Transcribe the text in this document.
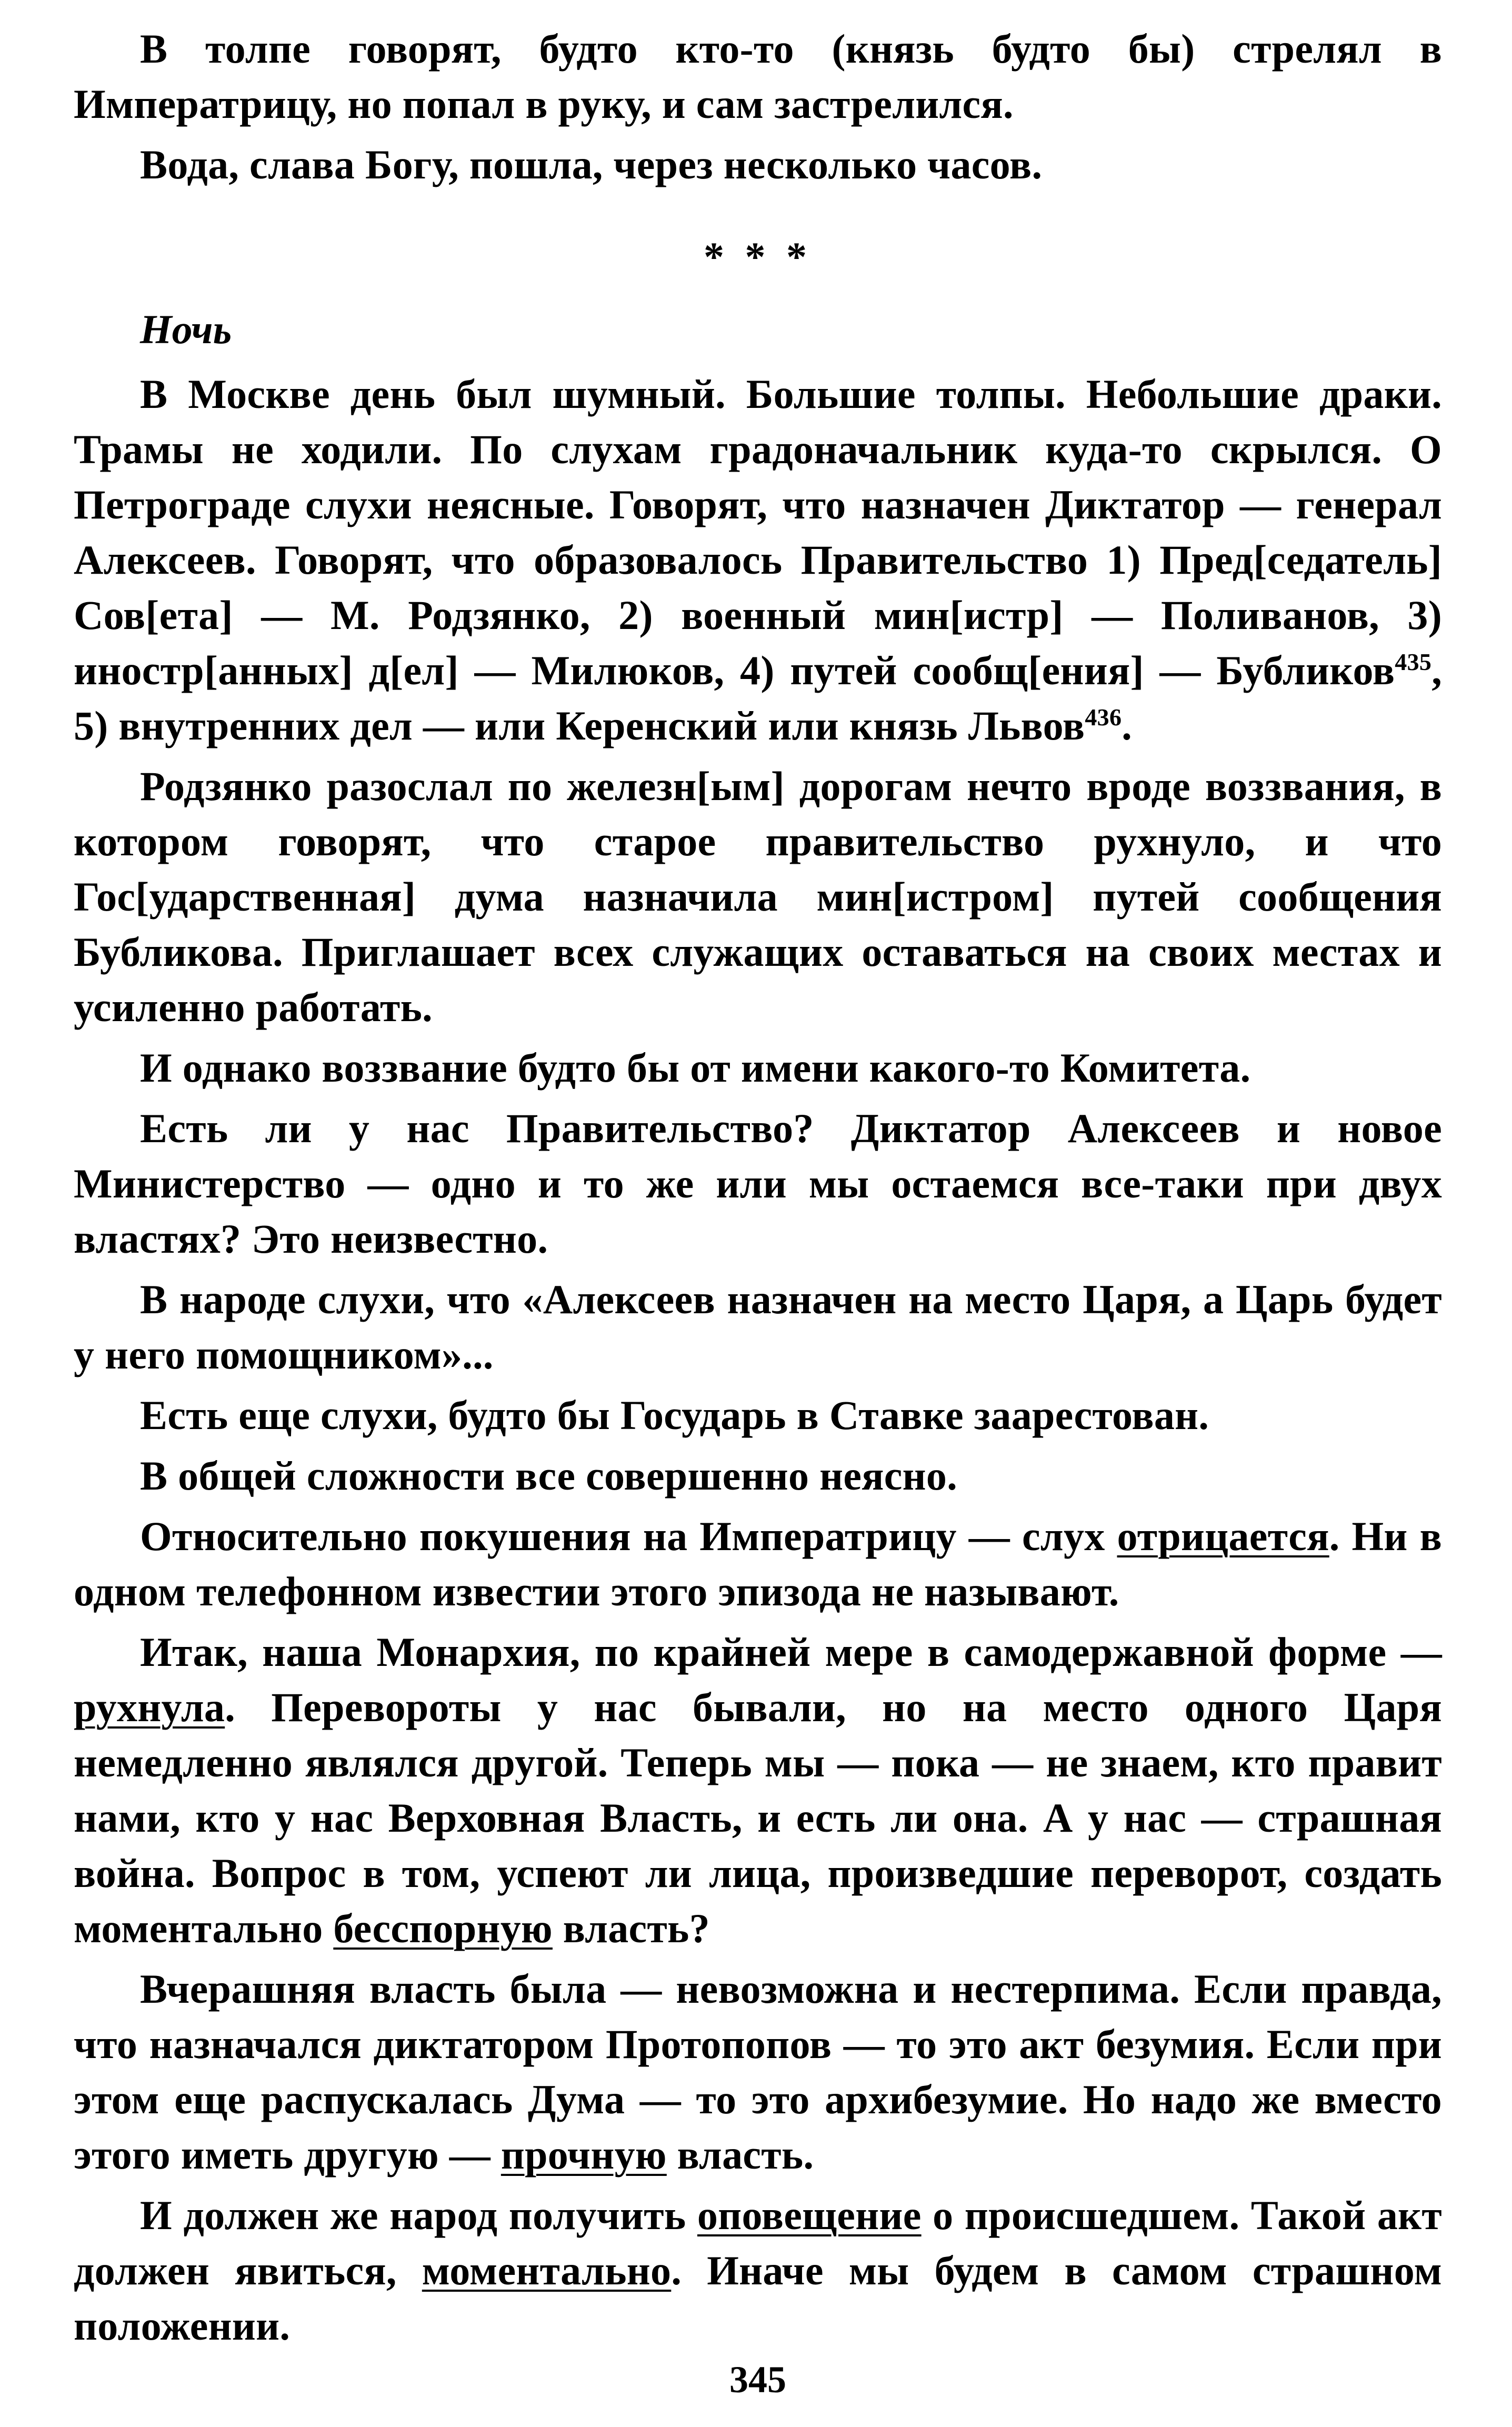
В толпе говорят, будто кто-то (князь будто бы) стрелял в Императрицу, но попал в руку, и сам застрелился.

Вода, слава Богу, пошла, через несколько часов.

* * *
Ночь

В Москве день был шумный. Большие толпы. Небольшие драки. Трамы не ходили. По слухам градоначальник куда-то скрылся. О Петрограде слухи неясные. Говорят, что назначен Диктатор — генерал Алексеев. Говорят, что образовалось Правительство 1) Пред[седатель] Сов[ета] — М. Родзянко, 2) военный мин[истр] — Поливанов, 3) иностр[анных] д[ел] — Милюков, 4) путей сообщ[ения] — Бубликов$^{435}$, 5) внутренних дел — или Керенский или князь Львов$^{436}$.

Родзянко разослал по железн[ым] дорогам нечто вроде воззвания, в котором говорят, что старое правительство рухнуло, и что Гос[ударственная] дума назначила мин[истром] путей сообщения Бубликова. Приглашает всех служащих оставаться на своих местах и усиленно работать.

И однако воззвание будто бы от имени какого-то Комитета.

Есть ли у нас Правительство? Диктатор Алексеев и новое Министерство — одно и то же или мы остаемся все-таки при двух властях? Это неизвестно.

В народе слухи, что «Алексеев назначен на место Царя, а Царь будет у него помощником»...

Есть еще слухи, будто бы Государь в Ставке заарестован.

В общей сложности все совершенно неясно.

Относительно покушения на Императрицу — слух отрицается. Ни в одном телефонном известии этого эпизода не называют.

Итак, наша Монархия, по крайней мере в самодержавной форме — рухнула. Перевороты у нас бывали, но на место одного Царя немедленно являлся другой. Теперь мы — пока — не знаем, кто правит нами, кто у нас Верховная Власть, и есть ли она. А у нас — страшная война. Вопрос в том, успеют ли лица, произведшие переворот, создать моментально бесспорную власть?

Вчерашняя власть была — невозможна и нестерпима. Если правда, что назначался диктатором Протопопов — то это акт безумия. Если при этом еще распускалась Дума — то это архибезумие. Но надо же вместо этого иметь другую — прочную власть.

И должен же народ получить оповещение о происшедшем. Такой акт должен явиться, моментально. Иначе мы будем в самом страшном положении.

345
